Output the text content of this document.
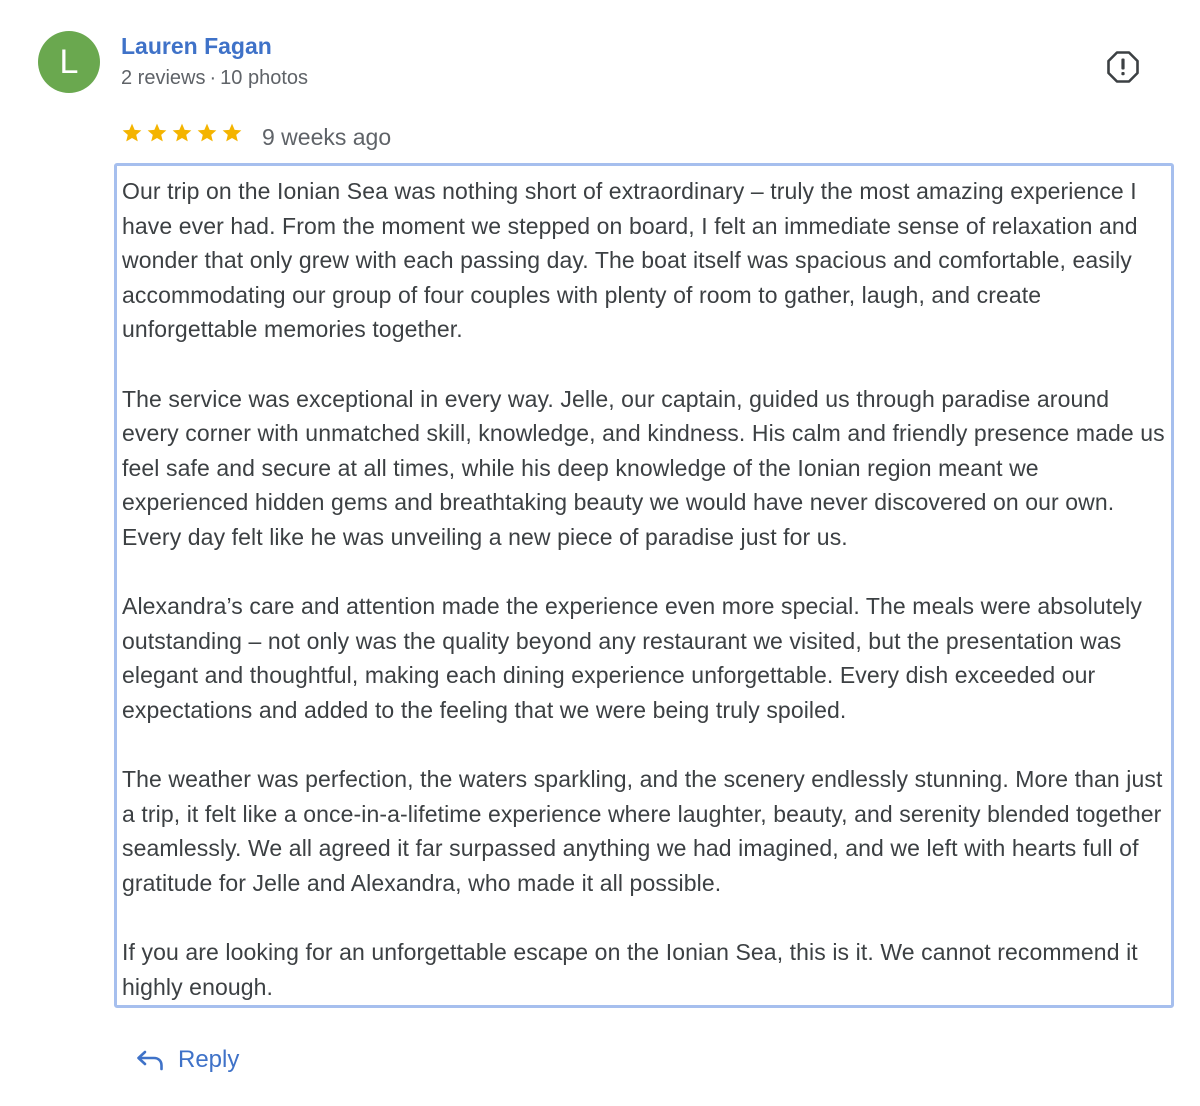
L	Lauren Fagan
2 reviews · 10 photos
9 weeks ago

Our trip on the Ionian Sea was nothing short of extraordinary – truly the most amazing experience I have ever had. From the moment we stepped on board, I felt an immediate sense of relaxation and wonder that only grew with each passing day. The boat itself was spacious and comfortable, easily accommodating our group of four couples with plenty of room to gather, laugh, and create unforgettable memories together.

The service was exceptional in every way. Jelle, our captain, guided us through paradise around every corner with unmatched skill, knowledge, and kindness. His calm and friendly presence made us feel safe and secure at all times, while his deep knowledge of the Ionian region meant we experienced hidden gems and breathtaking beauty we would have never discovered on our own. Every day felt like he was unveiling a new piece of paradise just for us.

Alexandra’s care and attention made the experience even more special. The meals were absolutely outstanding – not only was the quality beyond any restaurant we visited, but the presentation was elegant and thoughtful, making each dining experience unforgettable. Every dish exceeded our expectations and added to the feeling that we were being truly spoiled.

The weather was perfection, the waters sparkling, and the scenery endlessly stunning. More than just a trip, it felt like a once-in-a-lifetime experience where laughter, beauty, and serenity blended together seamlessly. We all agreed it far surpassed anything we had imagined, and we left with hearts full of gratitude for Jelle and Alexandra, who made it all possible.

If you are looking for an unforgettable escape on the Ionian Sea, this is it. We cannot recommend it highly enough.

Reply
